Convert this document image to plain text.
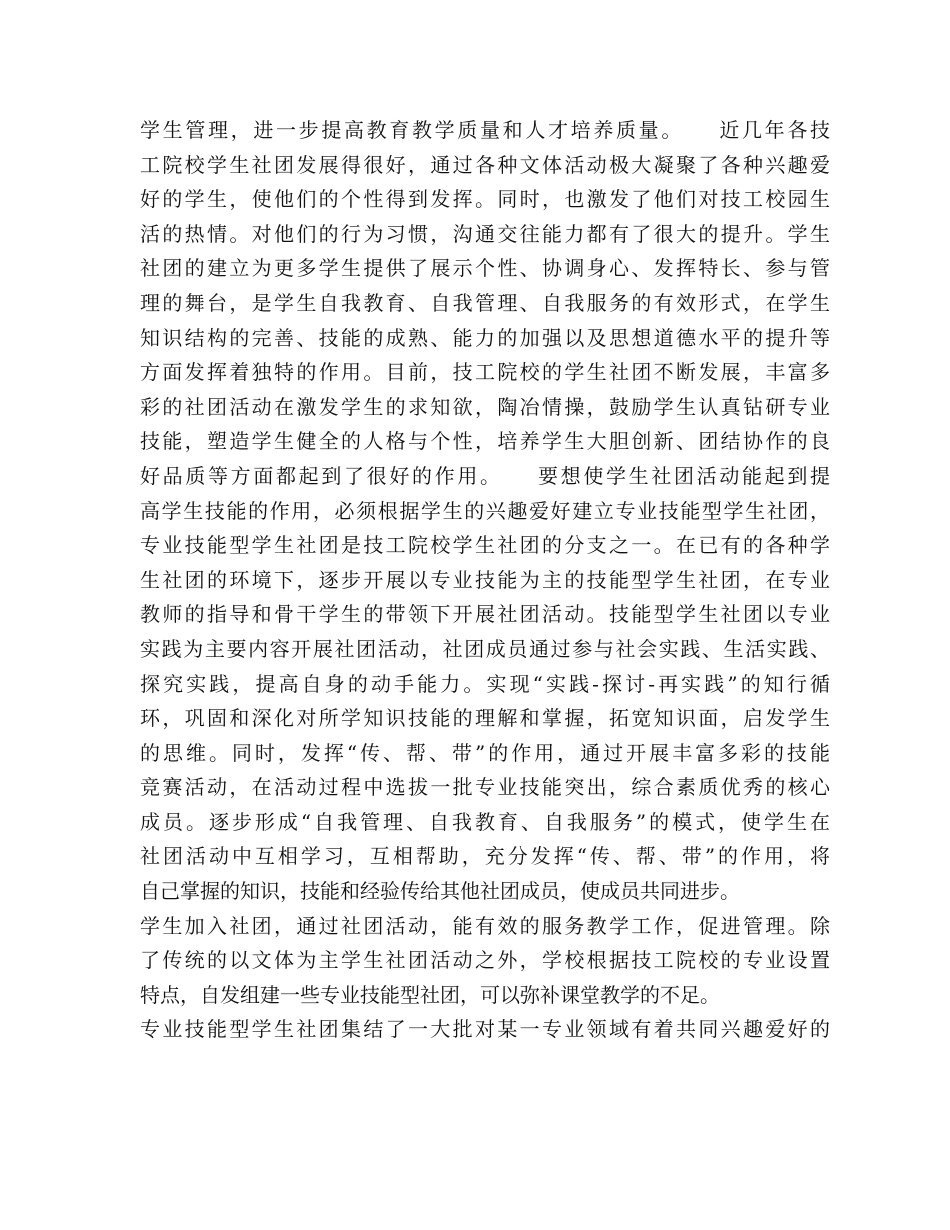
学生管理，进一步提高教育教学质量和人才培养质量。　　近几年各技
工院校学生社团发展得很好，通过各种文体活动极大凝聚了各种兴趣爱
好的学生，使他们的个性得到发挥。同时，也激发了他们对技工校园生
活的热情。对他们的行为习惯，沟通交往能力都有了很大的提升。学生
社团的建立为更多学生提供了展示个性、协调身心、发挥特长、参与管
理的舞台，是学生自我教育、自我管理、自我服务的有效形式，在学生
知识结构的完善、技能的成熟、能力的加强以及思想道德水平的提升等
方面发挥着独特的作用。目前，技工院校的学生社团不断发展，丰富多
彩的社团活动在激发学生的求知欲，陶冶情操，鼓励学生认真钻研专业
技能，塑造学生健全的人格与个性，培养学生大胆创新、团结协作的良
好品质等方面都起到了很好的作用。　　要想使学生社团活动能起到提
高学生技能的作用，必须根据学生的兴趣爱好建立专业技能型学生社团，
专业技能型学生社团是技工院校学生社团的分支之一。在已有的各种学
生社团的环境下，逐步开展以专业技能为主的技能型学生社团，在专业
教师的指导和骨干学生的带领下开展社团活动。技能型学生社团以专业
实践为主要内容开展社团活动，社团成员通过参与社会实践、生活实践、
探究实践，提高自身的动手能力。实现“实践-探讨-再实践”的知行循
环，巩固和深化对所学知识技能的理解和掌握，拓宽知识面，启发学生
的思维。同时，发挥“传、帮、带”的作用，通过开展丰富多彩的技能
竞赛活动，在活动过程中选拔一批专业技能突出，综合素质优秀的核心
成员。逐步形成“自我管理、自我教育、自我服务”的模式，使学生在
社团活动中互相学习，互相帮助，充分发挥“传、帮、带”的作用，将
自己掌握的知识，技能和经验传给其他社团成员，使成员共同进步。
学生加入社团，通过社团活动，能有效的服务教学工作，促进管理。除
了传统的以文体为主学生社团活动之外，学校根据技工院校的专业设置
特点，自发组建一些专业技能型社团，可以弥补课堂教学的不足。
专业技能型学生社团集结了一大批对某一专业领域有着共同兴趣爱好的
